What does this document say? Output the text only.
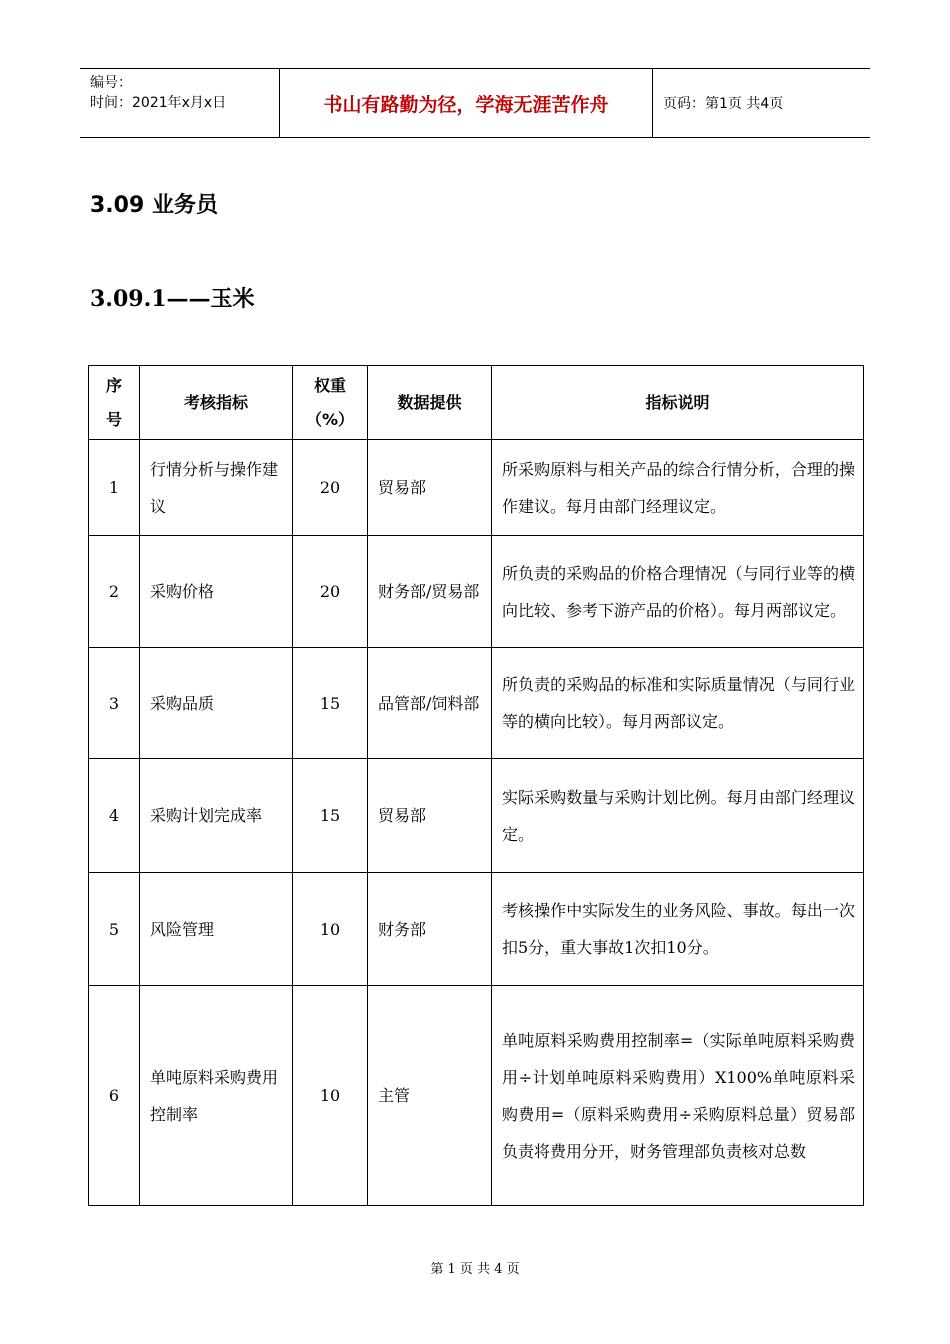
编号：
时间：2021年x月x日	书山有路勤为径，学海无涯苦作舟	页码：第1页 共4页
3.09 业务员
3.09.1——玉米
序号	考核指标	权重（%）	数据提供	指标说明
1	行情分析与操作建议	20	贸易部	所采购原料与相关产品的综合行情分析，合理的操作建议。每月由部门经理议定。
2	采购价格	20	财务部/贸易部	所负责的采购品的价格合理情况（与同行业等的横向比较、参考下游产品的价格）。每月两部议定。
3	采购品质	15	品管部/饲料部	所负责的采购品的标准和实际质量情况（与同行业等的横向比较）。每月两部议定。
4	采购计划完成率	15	贸易部	实际采购数量与采购计划比例。每月由部门经理议定。
5	风险管理	10	财务部	考核操作中实际发生的业务风险、事故。每出一次扣5分，重大事故1次扣10分。
6	单吨原料采购费用控制率	10	主管	单吨原料采购费用控制率=（实际单吨原料采购费用÷计划单吨原料采购费用）X100%单吨原料采购费用=（原料采购费用÷采购原料总量）贸易部负责将费用分开，财务管理部负责核对总数
第 1 页 共 4 页
